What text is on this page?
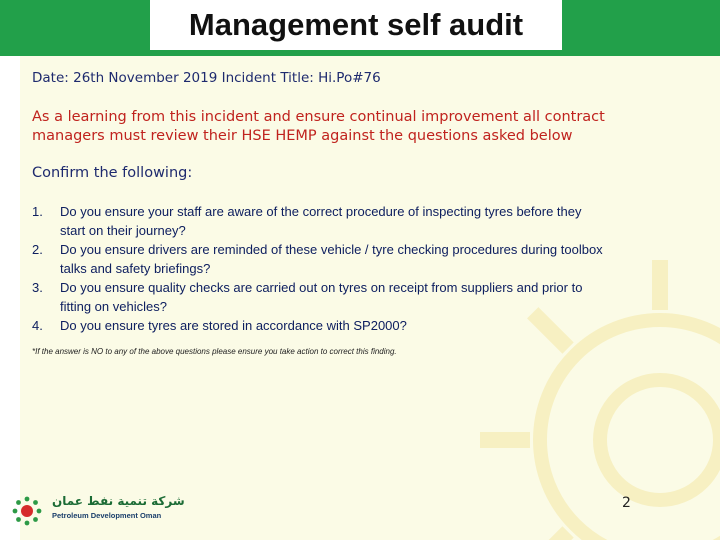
Management self audit
Date: 26th November 2019 Incident Title: Hi.Po#76
As a learning from this incident and ensure continual improvement all contract
managers must review their HSE HEMP against the questions asked below
Confirm the following:
1.	Do you ensure your staff are aware of the correct procedure of inspecting tyres before they
start on their journey?
2.	Do you ensure drivers are reminded of these vehicle / tyre checking procedures during toolbox
talks and safety briefings?
3.	Do you ensure quality checks are carried out on tyres on receipt from suppliers and prior to
fitting on vehicles?
4.	Do you ensure tyres are stored in accordance with SP2000?
*If the answer is NO to any of the above questions please ensure you take action to correct this finding.
شركة تنمية نفط عمان
Petroleum Development Oman
2
